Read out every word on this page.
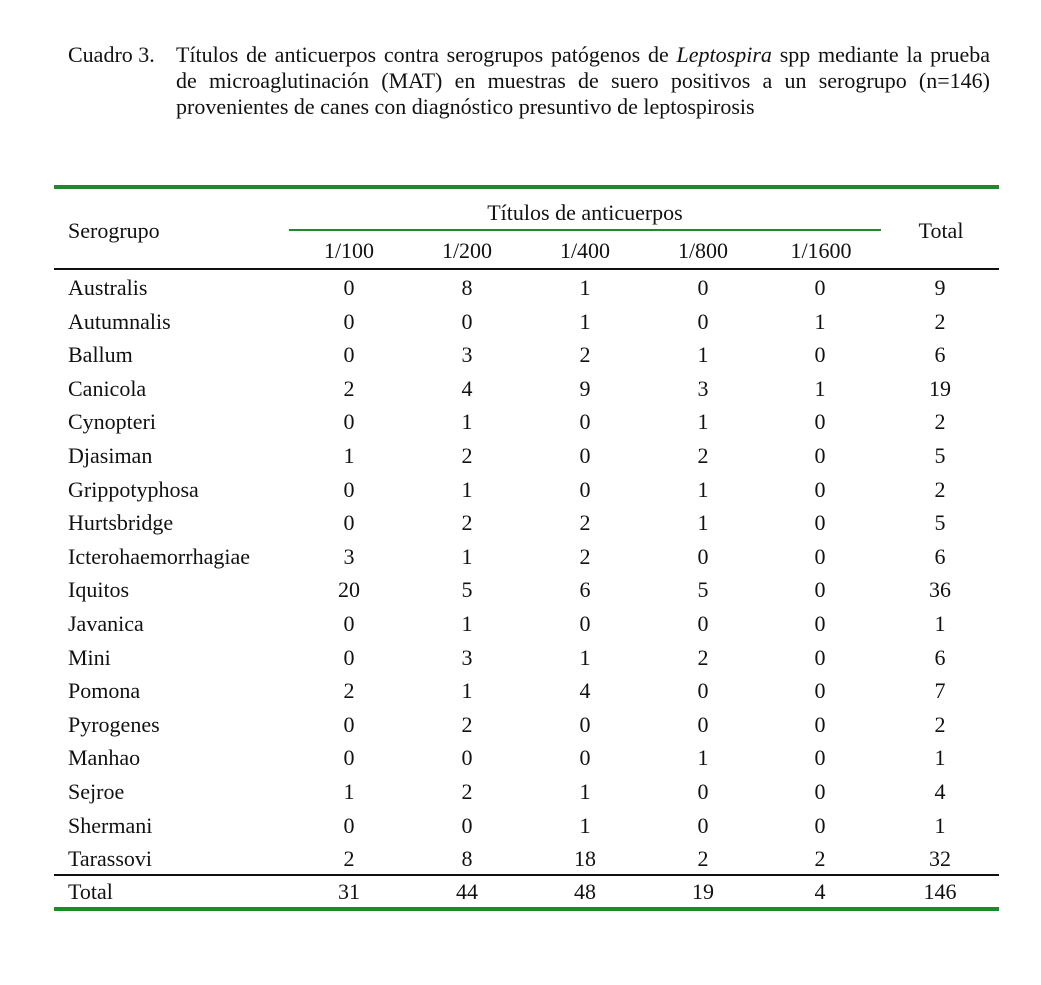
Cuadro 3. Títulos de anticuerpos contra serogrupos patógenos de Leptospira spp mediante la prueba de microaglutinación (MAT) en muestras de suero positivos a un serogrupo (n=146) provenientes de canes con diagnóstico presuntivo de leptospirosis
Serogrupo
Títulos de anticuerpos
Total
1/100	1/200	1/400	1/800	1/1600
Australis	0	8	1	0	0	9
Autumnalis	0	0	1	0	1	2
Ballum	0	3	2	1	0	6
Canicola	2	4	9	3	1	19
Cynopteri	0	1	0	1	0	2
Djasiman	1	2	0	2	0	5
Grippotyphosa	0	1	0	1	0	2
Hurtsbridge	0	2	2	1	0	5
Icterohaemorrhagiae	3	1	2	0	0	6
Iquitos	20	5	6	5	0	36
Javanica	0	1	0	0	0	1
Mini	0	3	1	2	0	6
Pomona	2	1	4	0	0	7
Pyrogenes	0	2	0	0	0	2
Manhao	0	0	0	1	0	1
Sejroe	1	2	1	0	0	4
Shermani	0	0	1	0	0	1
Tarassovi	2	8	18	2	2	32
Total	31	44	48	19	4	146
